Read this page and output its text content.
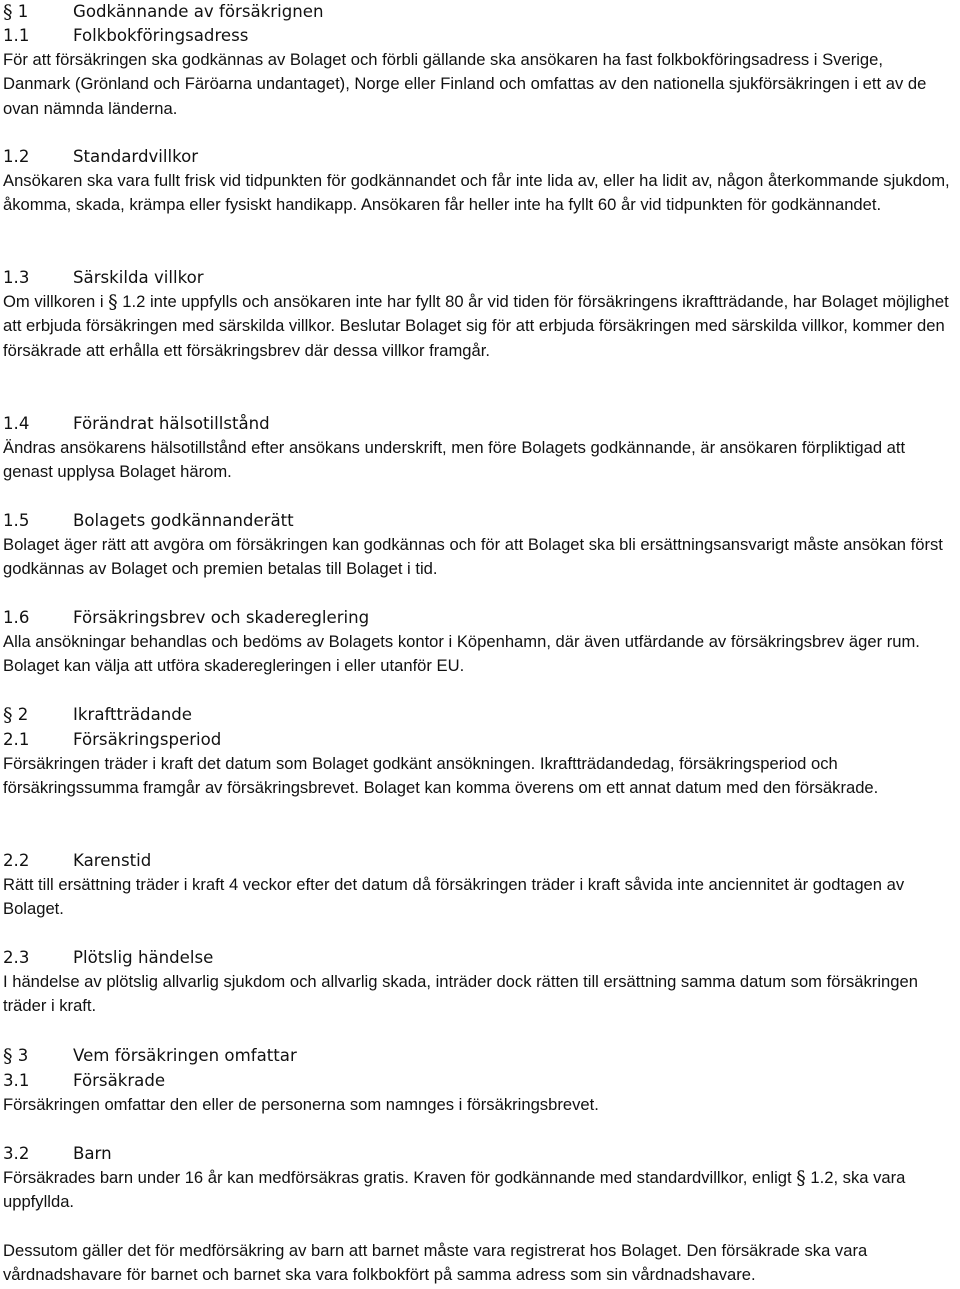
§ 1	Godkännande av försäkrignen
1.1	Folkbokföringsadress
För att försäkringen ska godkännas av Bolaget och förbli gällande ska ansökaren ha fast folkbokföringsadress i Sverige, Danmark (Grönland och Färöarna undantaget), Norge eller Finland och omfattas av den nationella sjukförsäkringen i ett av de ovan nämnda länderna.
1.2	Standardvillkor
Ansökaren ska vara fullt frisk vid tidpunkten för godkännandet och får inte lida av, eller ha lidit av, någon återkommande sjukdom, åkomma, skada, krämpa eller fysiskt handikapp. Ansökaren får heller inte ha fyllt 60 år vid tidpunkten för godkännandet.
1.3	Särskilda villkor
Om villkoren i § 1.2 inte uppfylls och ansökaren inte har fyllt 80 år vid tiden för försäkringens ikraftträdande, har Bolaget möjlighet att erbjuda försäkringen med särskilda villkor. Beslutar Bolaget sig för att erbjuda försäkringen med särskilda villkor, kommer den försäkrade att erhålla ett försäkringsbrev där dessa villkor framgår.
1.4	Förändrat hälsotillstånd
Ändras ansökarens hälsotillstånd efter ansökans underskrift, men före Bolagets godkännande, är ansökaren förpliktigad att genast upplysa Bolaget härom.
1.5	Bolagets godkännanderätt
Bolaget äger rätt att avgöra om försäkringen kan godkännas och för att Bolaget ska bli ersättningsansvarigt måste ansökan först godkännas av Bolaget och premien betalas till Bolaget i tid.
1.6	Försäkringsbrev och skadereglering
Alla ansökningar behandlas och bedöms av Bolagets kontor i Köpenhamn, där även utfärdande av försäkringsbrev äger rum. Bolaget kan välja att utföra skaderegleringen i eller utanför EU.
§ 2	Ikraftträdande
2.1	Försäkringsperiod
Försäkringen träder i kraft det datum som Bolaget godkänt ansökningen. Ikraftträdandedag, försäkringsperiod och försäkringssumma framgår av försäkringsbrevet. Bolaget kan komma överens om ett annat datum med den försäkrade.
2.2	Karenstid
Rätt till ersättning träder i kraft 4 veckor efter det datum då försäkringen träder i kraft såvida inte anciennitet är godtagen av Bolaget.
2.3	Plötslig händelse
I händelse av plötslig allvarlig sjukdom och allvarlig skada, inträder dock rätten till ersättning samma datum som försäkringen träder i kraft.
§ 3	Vem försäkringen omfattar
3.1	Försäkrade
Försäkringen omfattar den eller de personerna som namnges i försäkringsbrevet.
3.2	Barn
Försäkrades barn under 16 år kan medförsäkras gratis. Kraven för godkännande med standardvillkor, enligt § 1.2, ska vara uppfyllda.
Dessutom gäller det för medförsäkring av barn att barnet måste vara registrerat hos Bolaget. Den försäkrade ska vara vårdnadshavare för barnet och barnet ska vara folkbokfört på samma adress som sin vårdnadshavare.
